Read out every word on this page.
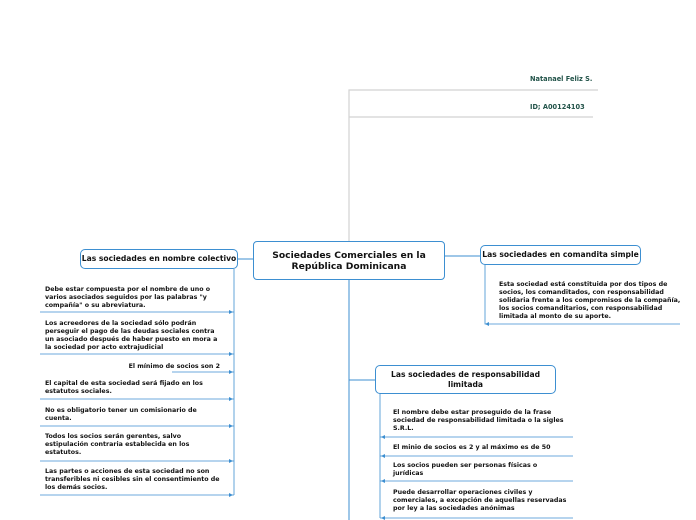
Natanael Feliz S.
ID; A00124103
Sociedades Comerciales en la República Dominicana
Las sociedades en nombre colectivo	Las sociedades en comandita simple
Las sociedades de responsabilidad limitada
Debe estar compuesta por el nombre de uno o varios asociados seguidos por las palabras "y compañía" o su abreviatura.
Los acreedores de la sociedad sólo podrán perseguir el pago de las deudas sociales contra un asociado después de haber puesto en mora a la sociedad por acto extrajudicial
El mínimo de socios son 2
El capital de esta sociedad será fijado en los estatutos sociales.
No es obligatorio tener un comisionario de cuenta.
Todos los socios serán gerentes, salvo estipulación contraria establecida en los estatutos.
Las partes o acciones de esta sociedad no son transferibles ni cesibles sin el consentimiento de los demás socios.
Esta sociedad está constituida por dos tipos de socios, los comanditados, con responsabilidad solidaria frente a los compromisos de la compañía, los socios comanditarios, con responsabilidad limitada al monto de su aporte.
El nombre debe estar proseguido de la frase sociedad de responsabilidad limitada o la sigles S.R.L.
El minio de socios es 2 y al máximo es de 50
Los socios pueden ser personas físicas o jurídicas
Puede desarrollar operaciones civiles y comerciales, a excepción de aquellas reservadas por ley a las sociedades anónimas
